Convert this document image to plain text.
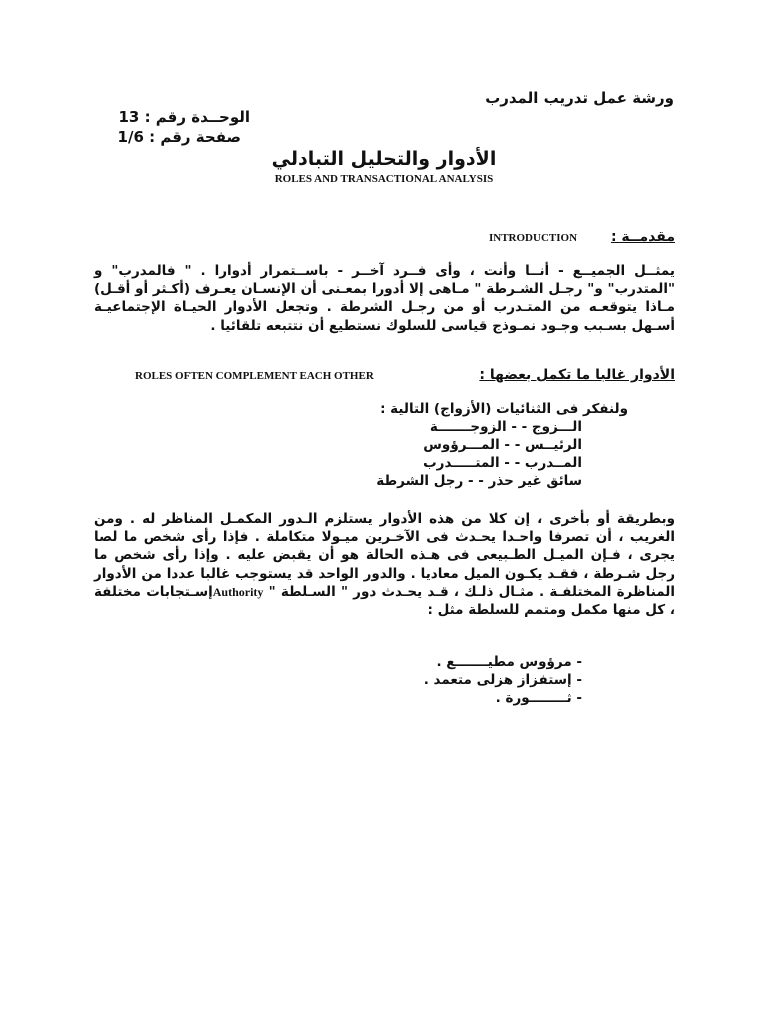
ورشة عمل تدريب المدرب
الوحــدة رقم : 13
صفحة رقم : 1/6
الأدوار والتحليل التبادلي
ROLES AND TRANSACTIONAL ANALYSIS
مقدمــة :
INTRODUCTION
يمثــل الجميــع - أنــا وأنت ، وأى فــرد آخــر - باســتمرار أدوارا . " فالمدرب" و "المتدرب" و" رجـل الشـرطة " مـاهى إلا أدورا بمعـنى أن الإنسـان يعـرف (أكـثر أو أقـل) مـاذا يتوقعـه من المتـدرب أو من رجـل الشرطة . وتجعل الأدوار الحيـاة الإجتماعيـة أسـهل بسـبب وجـود نمـوذج قياسى للسلوك نستطيع أن نتتبعه تلقائيا .
الأدوار غالبا ما تكمل بعضها :
ROLES OFTEN COMPLEMENT EACH OTHER
ولنفكر فى الثنائيات (الأزواج) التالية :
الـــزوج - - الزوجـــــــة
الرئيــس - - المـــرؤوس
المــدرب - - المتـــــدرب
سائق غير حذر - - رجل الشرطة
وبطريقة أو بأخرى ، إن كلا من هذه الأدوار يستلزم الـدور المكمـل المناظر له . ومن الغريب ، أن تصرفا واحـدا يحـدث فى الآخـرين ميـولا متكاملة . فإذا رأى شخص ما لصا يجرى ، فـإن الميـل الطـبيعى فى هـذه الحالة هو أن يقبض عليه . وإذا رأى شخص ما رجل شـرطة ، فقـد يكـون الميل معاديا . والدور الواحد قد يستوجب غالبا عددا من الأدوار المناظرة المختلفـة . مثـال ذلـك ، قـد يحـدث دور " السـلطة " Authorityإسـتجابات مختلفة ، كل منها مكمل ومتمم للسلطة مثل :
- مرؤوس مطيـــــــع .
- إستفزاز هزلى متعمد .
- ثــــــــورة .
